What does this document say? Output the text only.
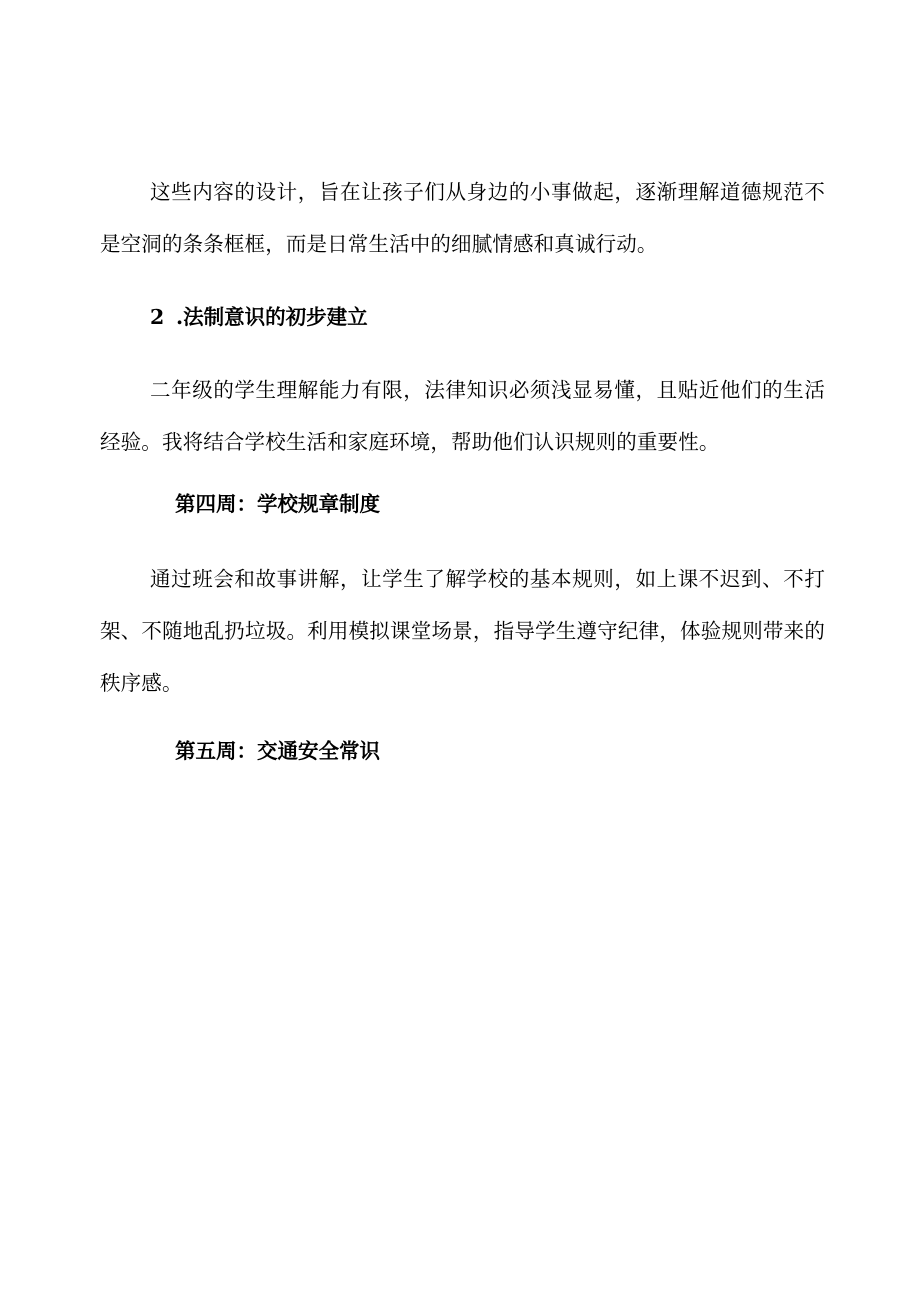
这些内容的设计，旨在让孩子们从身边的小事做起，逐渐理解道德规范不是空洞的条条框框，而是日常生活中的细腻情感和真诚行动。

2 .法制意识的初步建立

二年级的学生理解能力有限，法律知识必须浅显易懂，且贴近他们的生活经验。我将结合学校生活和家庭环境，帮助他们认识规则的重要性。

第四周：学校规章制度

通过班会和故事讲解，让学生了解学校的基本规则，如上课不迟到、不打架、不随地乱扔垃圾。利用模拟课堂场景，指导学生遵守纪律，体验规则带来的秩序感。

第五周：交通安全常识
